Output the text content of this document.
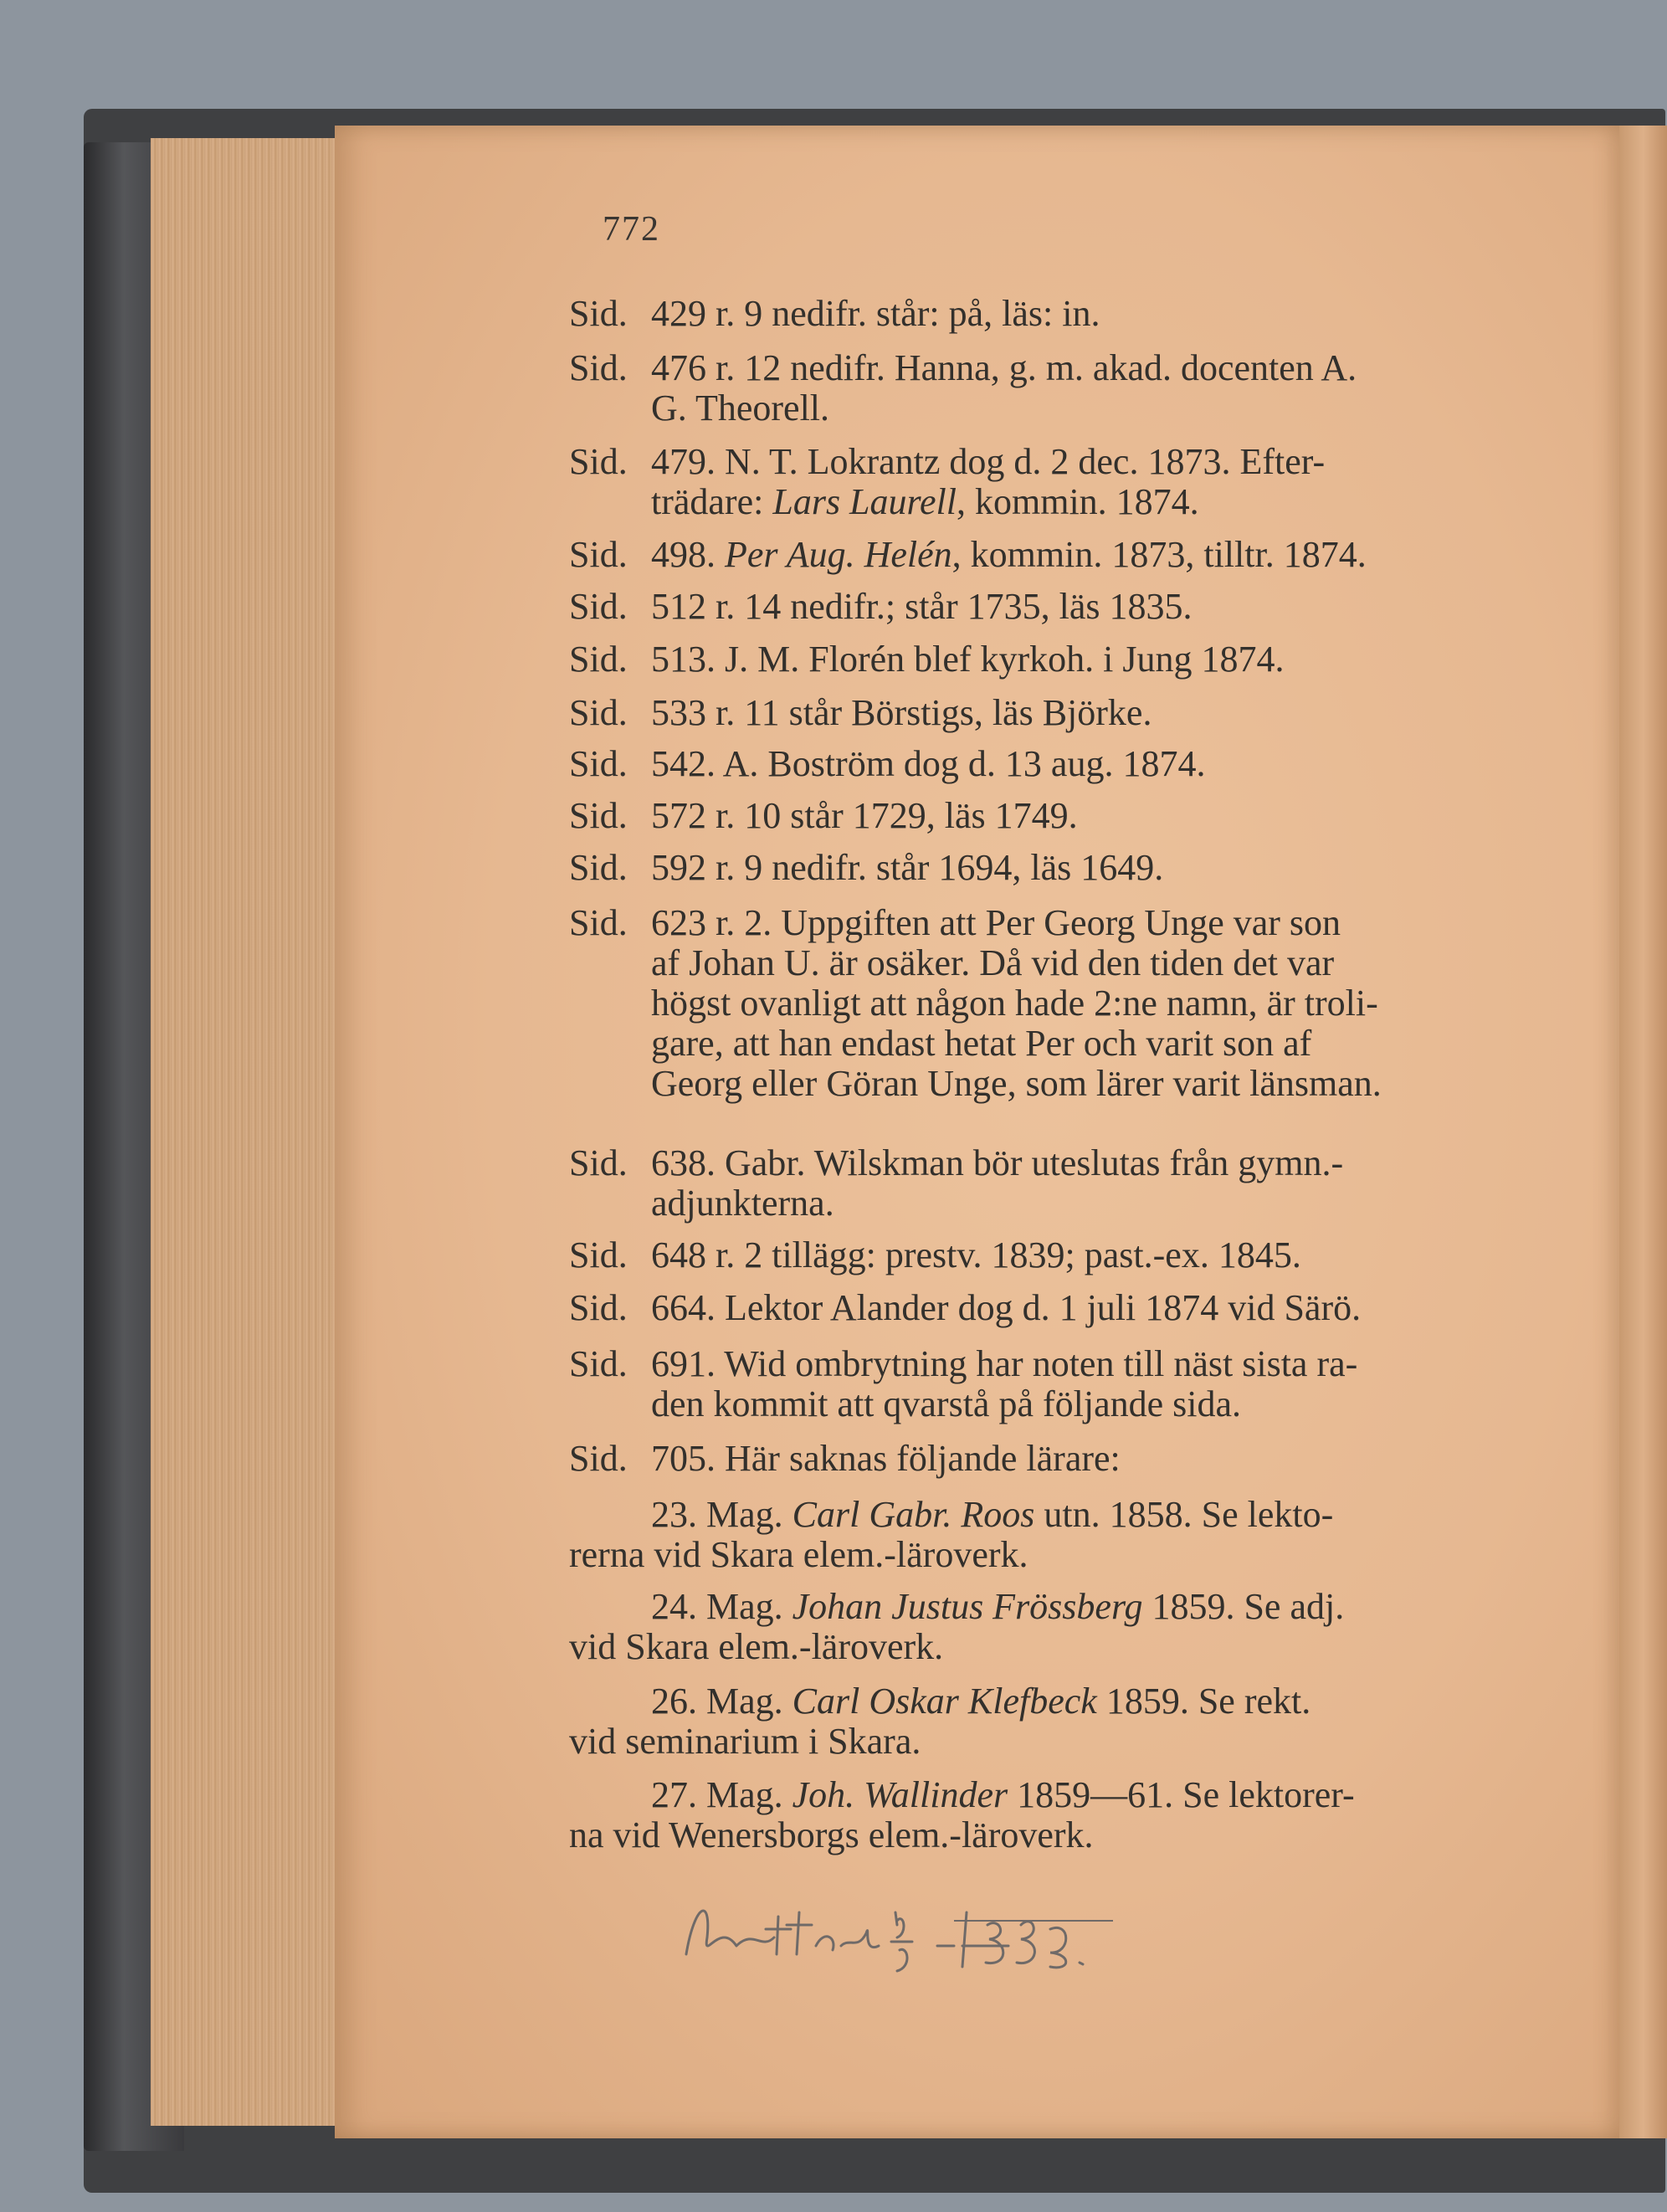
772
Sid. 429 r. 9 nedifr. står: på, läs: in.
Sid. 476 r. 12 nedifr. Hanna, g. m. akad. docenten A.
G. Theorell.
Sid. 479. N. T. Lokrantz dog d. 2 dec. 1873. Efter-
trädare: Lars Laurell, kommin. 1874.
Sid. 498. Per Aug. Helén, kommin. 1873, tilltr. 1874.
Sid. 512 r. 14 nedifr.; står 1735, läs 1835.
Sid. 513. J. M. Florén blef kyrkoh. i Jung 1874.
Sid. 533 r. 11 står Börstigs, läs Björke.
Sid. 542. A. Boström dog d. 13 aug. 1874.
Sid. 572 r. 10 står 1729, läs 1749.
Sid. 592 r. 9 nedifr. står 1694, läs 1649.
Sid. 623 r. 2. Uppgiften att Per Georg Unge var son
af Johan U. är osäker. Då vid den tiden det var
högst ovanligt att någon hade 2:ne namn, är troli-
gare, att han endast hetat Per och varit son af
Georg eller Göran Unge, som lärer varit länsman.
Sid. 638. Gabr. Wilskman bör uteslutas från gymn.-
adjunkterna.
Sid. 648 r. 2 tillägg: prestv. 1839; past.-ex. 1845.
Sid. 664. Lektor Alander dog d. 1 juli 1874 vid Särö.
Sid. 691. Wid ombrytning har noten till näst sista ra-
den kommit att qvarstå på följande sida.
Sid. 705. Här saknas följande lärare:
23. Mag. Carl Gabr. Roos utn. 1858. Se lekto-
rerna vid Skara elem.-läroverk.
24. Mag. Johan Justus Frössberg 1859. Se adj.
vid Skara elem.-läroverk.
26. Mag. Carl Oskar Klefbeck 1859. Se rekt.
vid seminarium i Skara.
27. Mag. Joh. Wallinder 1859—61. Se lektorer-
na vid Wenersborgs elem.-läroverk.
